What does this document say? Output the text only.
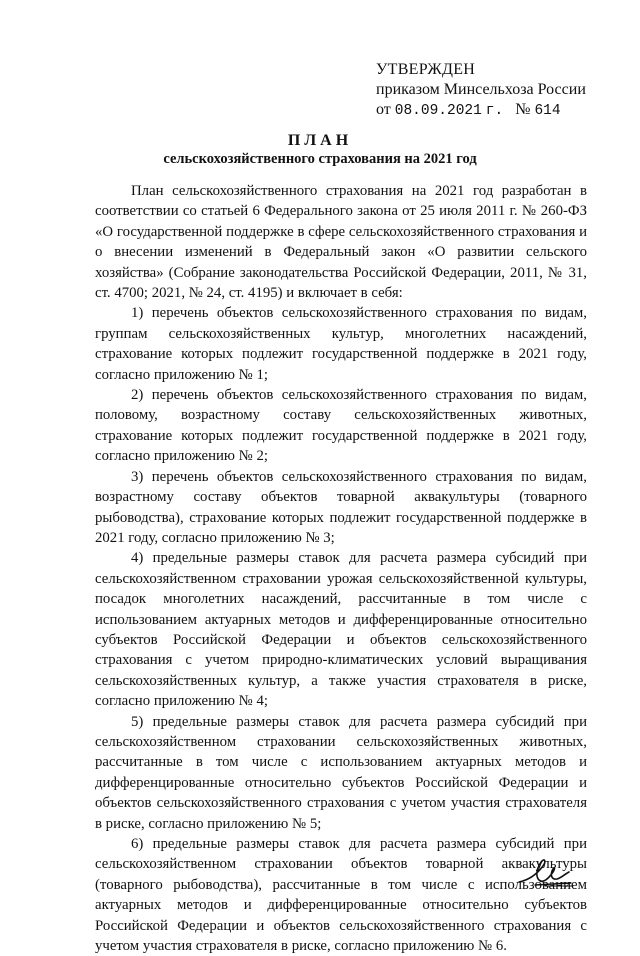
УТВЕРЖДЕН
приказом Минсельхоза России
от 08.09.2021 г. № 614
ПЛАН
сельскохозяйственного страхования на 2021 год

План сельскохозяйственного страхования на 2021 год разработан в соответствии со статьей 6 Федерального закона от 25 июля 2011 г. № 260-ФЗ «О государственной поддержке в сфере сельскохозяйственного страхования и о внесении изменений в Федеральный закон «О развитии сельского хозяйства» (Собрание законодательства Российской Федерации, 2011, № 31, ст. 4700; 2021, № 24, ст. 4195) и включает в себя:

1) перечень объектов сельскохозяйственного страхования по видам, группам сельскохозяйственных культур, многолетних насаждений, страхование которых подлежит государственной поддержке в 2021 году, согласно приложению № 1;

2) перечень объектов сельскохозяйственного страхования по видам, половому, возрастному составу сельскохозяйственных животных, страхование которых подлежит государственной поддержке в 2021 году, согласно приложению № 2;

3) перечень объектов сельскохозяйственного страхования по видам, возрастному составу объектов товарной аквакультуры (товарного рыбоводства), страхование которых подлежит государственной поддержке в 2021 году, согласно приложению № 3;

4) предельные размеры ставок для расчета размера субсидий при сельскохозяйственном страховании урожая сельскохозяйственной культуры, посадок многолетних насаждений, рассчитанные в том числе с использованием актуарных методов и дифференцированные относительно субъектов Российской Федерации и объектов сельскохозяйственного страхования с учетом природно-климатических условий выращивания сельскохозяйственных культур, а также участия страхователя в риске, согласно приложению № 4;

5) предельные размеры ставок для расчета размера субсидий при сельскохозяйственном страховании сельскохозяйственных животных, рассчитанные в том числе с использованием актуарных методов и дифференцированные относительно субъектов Российской Федерации и объектов сельскохозяйственного страхования с учетом участия страхователя в риске, согласно приложению № 5;

6) предельные размеры ставок для расчета размера субсидий при сельскохозяйственном страховании объектов товарной аквакультуры (товарного рыбоводства), рассчитанные в том числе с использованием актуарных методов и дифференцированные относительно субъектов Российской Федерации и объектов сельскохозяйственного страхования с учетом участия страхователя в риске, согласно приложению № 6.
